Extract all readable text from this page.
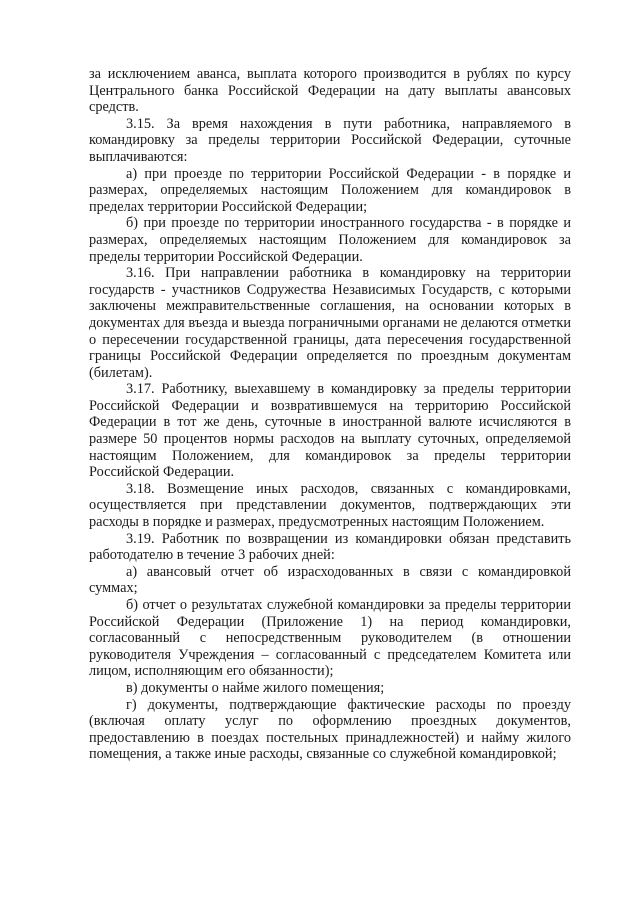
за исключением аванса, выплата которого производится в рублях по курсу Центрального банка Российской Федерации на дату выплаты авансовых средств.

3.15. За время нахождения в пути работника, направляемого в командировку за пределы территории Российской Федерации, суточные выплачиваются:

а) при проезде по территории Российской Федерации - в порядке и размерах, определяемых настоящим Положением для командировок в пределах территории Российской Федерации;

б) при проезде по территории иностранного государства - в порядке и размерах, определяемых настоящим Положением для командировок за пределы территории Российской Федерации.

3.16. При направлении работника в командировку на территории государств - участников Содружества Независимых Государств, с которыми заключены межправительственные соглашения, на основании которых в документах для въезда и выезда пограничными органами не делаются отметки о пересечении государственной границы, дата пересечения государственной границы Российской Федерации определяется по проездным документам (билетам).

3.17. Работнику, выехавшему в командировку за пределы территории Российской Федерации и возвратившемуся на территорию Российской Федерации в тот же день, суточные в иностранной валюте исчисляются в размере 50 процентов нормы расходов на выплату суточных, определяемой настоящим Положением, для командировок за пределы территории Российской Федерации.

3.18. Возмещение иных расходов, связанных с командировками, осуществляется при представлении документов, подтверждающих эти расходы в порядке и размерах, предусмотренных настоящим Положением.

3.19. Работник по возвращении из командировки обязан представить работодателю в течение 3 рабочих дней:

а) авансовый отчет об израсходованных в связи с командировкой суммах;

б) отчет о результатах служебной командировки за пределы территории Российской Федерации (Приложение 1) на период командировки, согласованный с непосредственным руководителем (в отношении руководителя Учреждения – согласованный с председателем Комитета или лицом, исполняющим его обязанности);

в) документы о найме жилого помещения;

г) документы, подтверждающие фактические расходы по проезду (включая оплату услуг по оформлению проездных документов, предоставлению в поездах постельных принадлежностей) и найму жилого помещения, а также иные расходы, связанные со служебной командировкой;
